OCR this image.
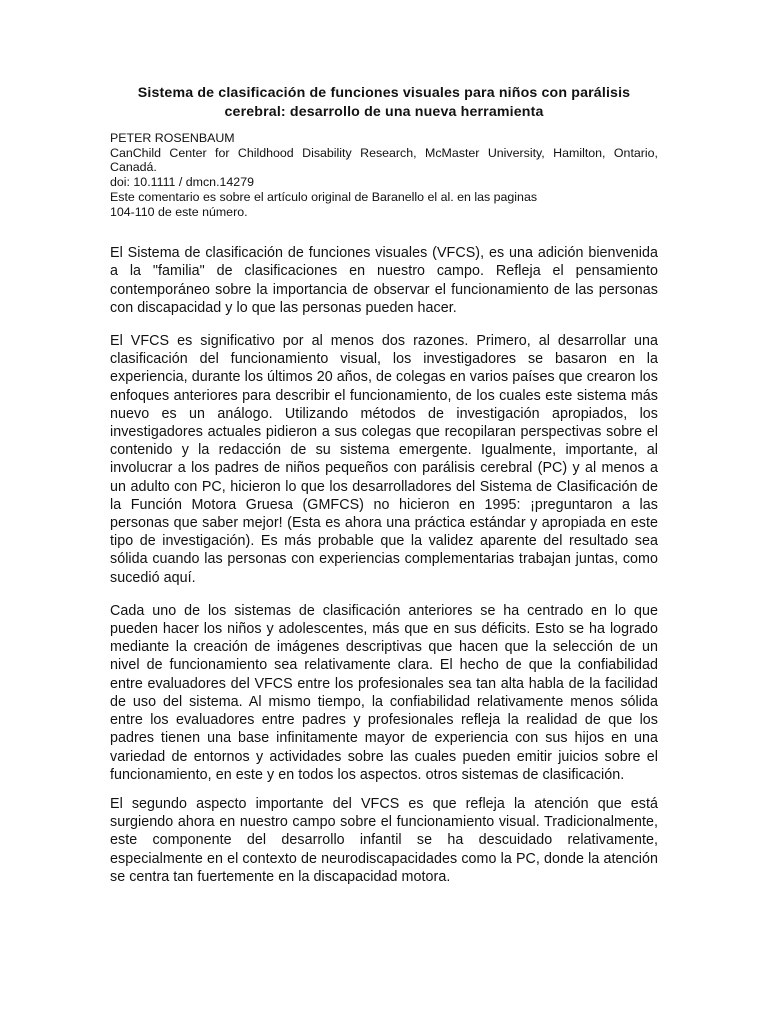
Sistema de clasificación de funciones visuales para niños con parálisis cerebral: desarrollo de una nueva herramienta
PETER ROSENBAUM
CanChild Center for Childhood Disability Research, McMaster University, Hamilton, Ontario, Canadá.
doi: 10.1111 / dmcn.14279
Este comentario es sobre el artículo original de Baranello el al. en las paginas
104-110 de este número.

El Sistema de clasificación de funciones visuales (VFCS), es una adición bienvenida a la "familia" de clasificaciones en nuestro campo. Refleja el pensamiento contemporáneo sobre la importancia de observar el funcionamiento de las personas con discapacidad y lo que las personas pueden hacer.

El VFCS es significativo por al menos dos razones. Primero, al desarrollar una clasificación del funcionamiento visual, los investigadores se basaron en la experiencia, durante los últimos 20 años, de colegas en varios países que crearon los enfoques anteriores para describir el funcionamiento, de los cuales este sistema más nuevo es un análogo. Utilizando métodos de investigación apropiados, los investigadores actuales pidieron a sus colegas que recopilaran perspectivas sobre el contenido y la redacción de su sistema emergente. Igualmente, importante, al involucrar a los padres de niños pequeños con parálisis cerebral (PC) y al menos a un adulto con PC, hicieron lo que los desarrolladores del Sistema de Clasificación de la Función Motora Gruesa (GMFCS) no hicieron en 1995: ¡preguntaron a las personas que saber mejor! (Esta es ahora una práctica estándar y apropiada en este tipo de investigación). Es más probable que la validez aparente del resultado sea sólida cuando las personas con experiencias complementarias trabajan juntas, como sucedió aquí.

Cada uno de los sistemas de clasificación anteriores se ha centrado en lo que pueden hacer los niños y adolescentes, más que en sus déficits. Esto se ha logrado mediante la creación de imágenes descriptivas que hacen que la selección de un nivel de funcionamiento sea relativamente clara. El hecho de que la confiabilidad entre evaluadores del VFCS entre los profesionales sea tan alta habla de la facilidad de uso del sistema. Al mismo tiempo, la confiabilidad relativamente menos sólida entre los evaluadores entre padres y profesionales refleja la realidad de que los padres tienen una base infinitamente mayor de experiencia con sus hijos en una variedad de entornos y actividades sobre las cuales pueden emitir juicios sobre el funcionamiento, en este y en todos los aspectos. otros sistemas de clasificación.

El segundo aspecto importante del VFCS es que refleja la atención que está surgiendo ahora en nuestro campo sobre el funcionamiento visual. Tradicionalmente, este componente del desarrollo infantil se ha descuidado relativamente, especialmente en el contexto de neurodiscapacidades como la PC, donde la atención se centra tan fuertemente en la discapacidad motora.
